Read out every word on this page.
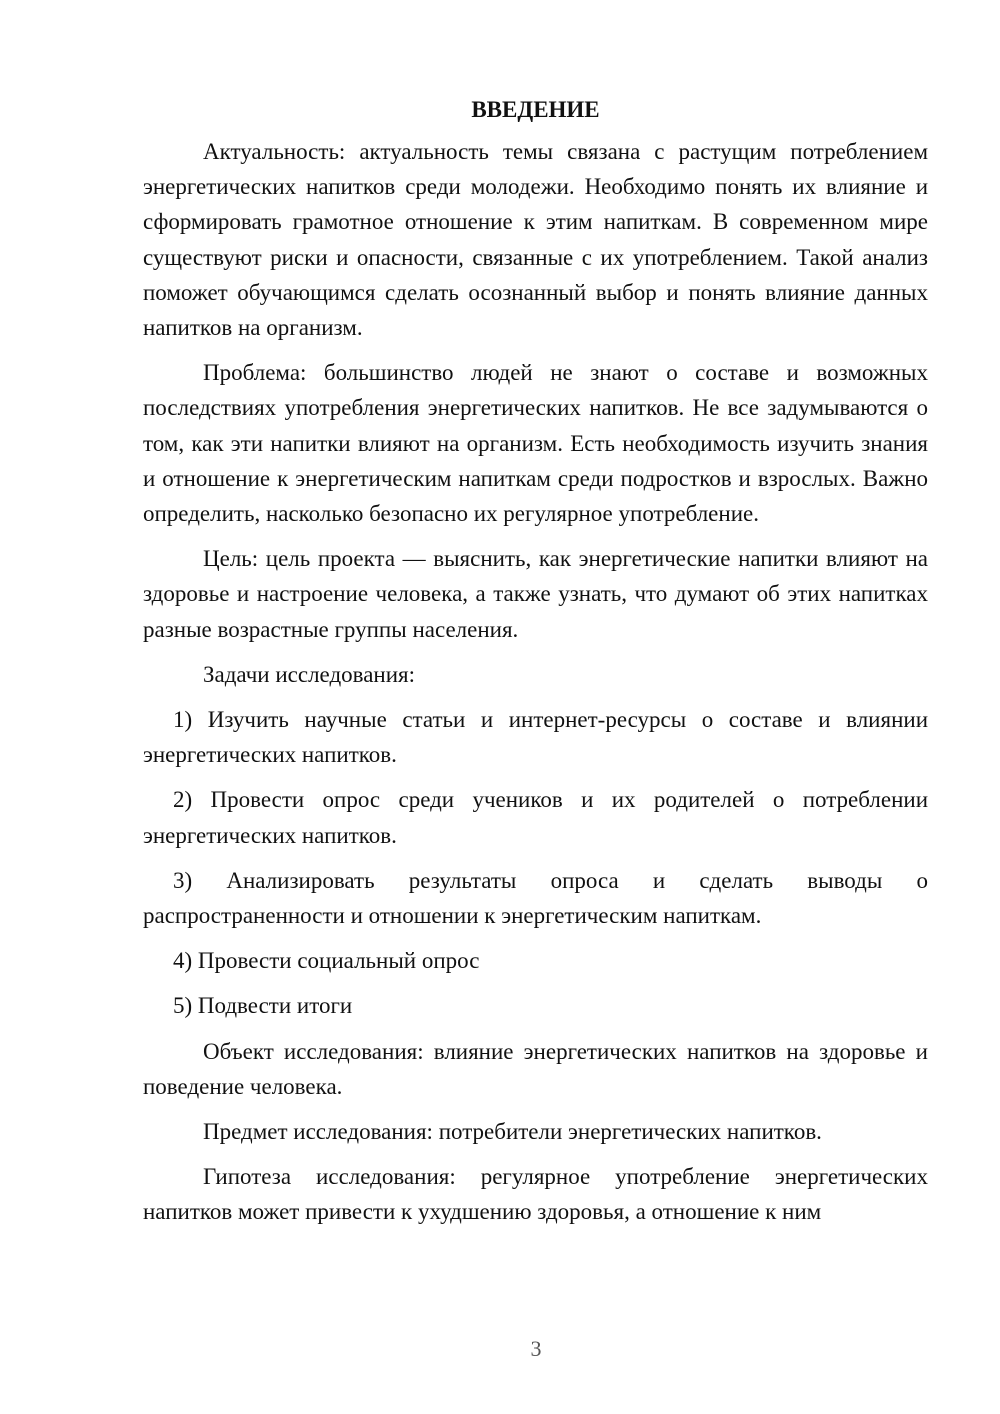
ВВЕДЕНИЕ

Актуальность: актуальность темы связана с растущим потреблением энергетических напитков среди молодежи. Необходимо понять их влияние и сформировать грамотное отношение к этим напиткам. В современном мире существуют риски и опасности, связанные с их употреблением. Такой анализ поможет обучающимся сделать осознанный выбор и понять влияние данных напитков на организм.

Проблема: большинство людей не знают о составе и возможных последствиях употребления энергетических напитков. Не все задумываются о том, как эти напитки влияют на организм. Есть необходимость изучить знания и отношение к энергетическим напиткам среди подростков и взрослых. Важно определить, насколько безопасно их регулярное употребление.

Цель: цель проекта — выяснить, как энергетические напитки влияют на здоровье и настроение человека, а также узнать, что думают об этих напитках разные возрастные группы населения.

Задачи исследования:

1) Изучить научные статьи и интернет-ресурсы о составе и влиянии энергетических напитков.

2) Провести опрос среди учеников и их родителей о потреблении энергетических напитков.

3) Анализировать результаты опроса и сделать выводы о распространенности и отношении к энергетическим напиткам.

4) Провести социальный опрос

5) Подвести итоги

Объект исследования: влияние энергетических напитков на здоровье и поведение человека.

Предмет исследования: потребители энергетических напитков.

Гипотеза исследования: регулярное употребление энергетических напитков может привести к ухудшению здоровья, а отношение к ним

3
